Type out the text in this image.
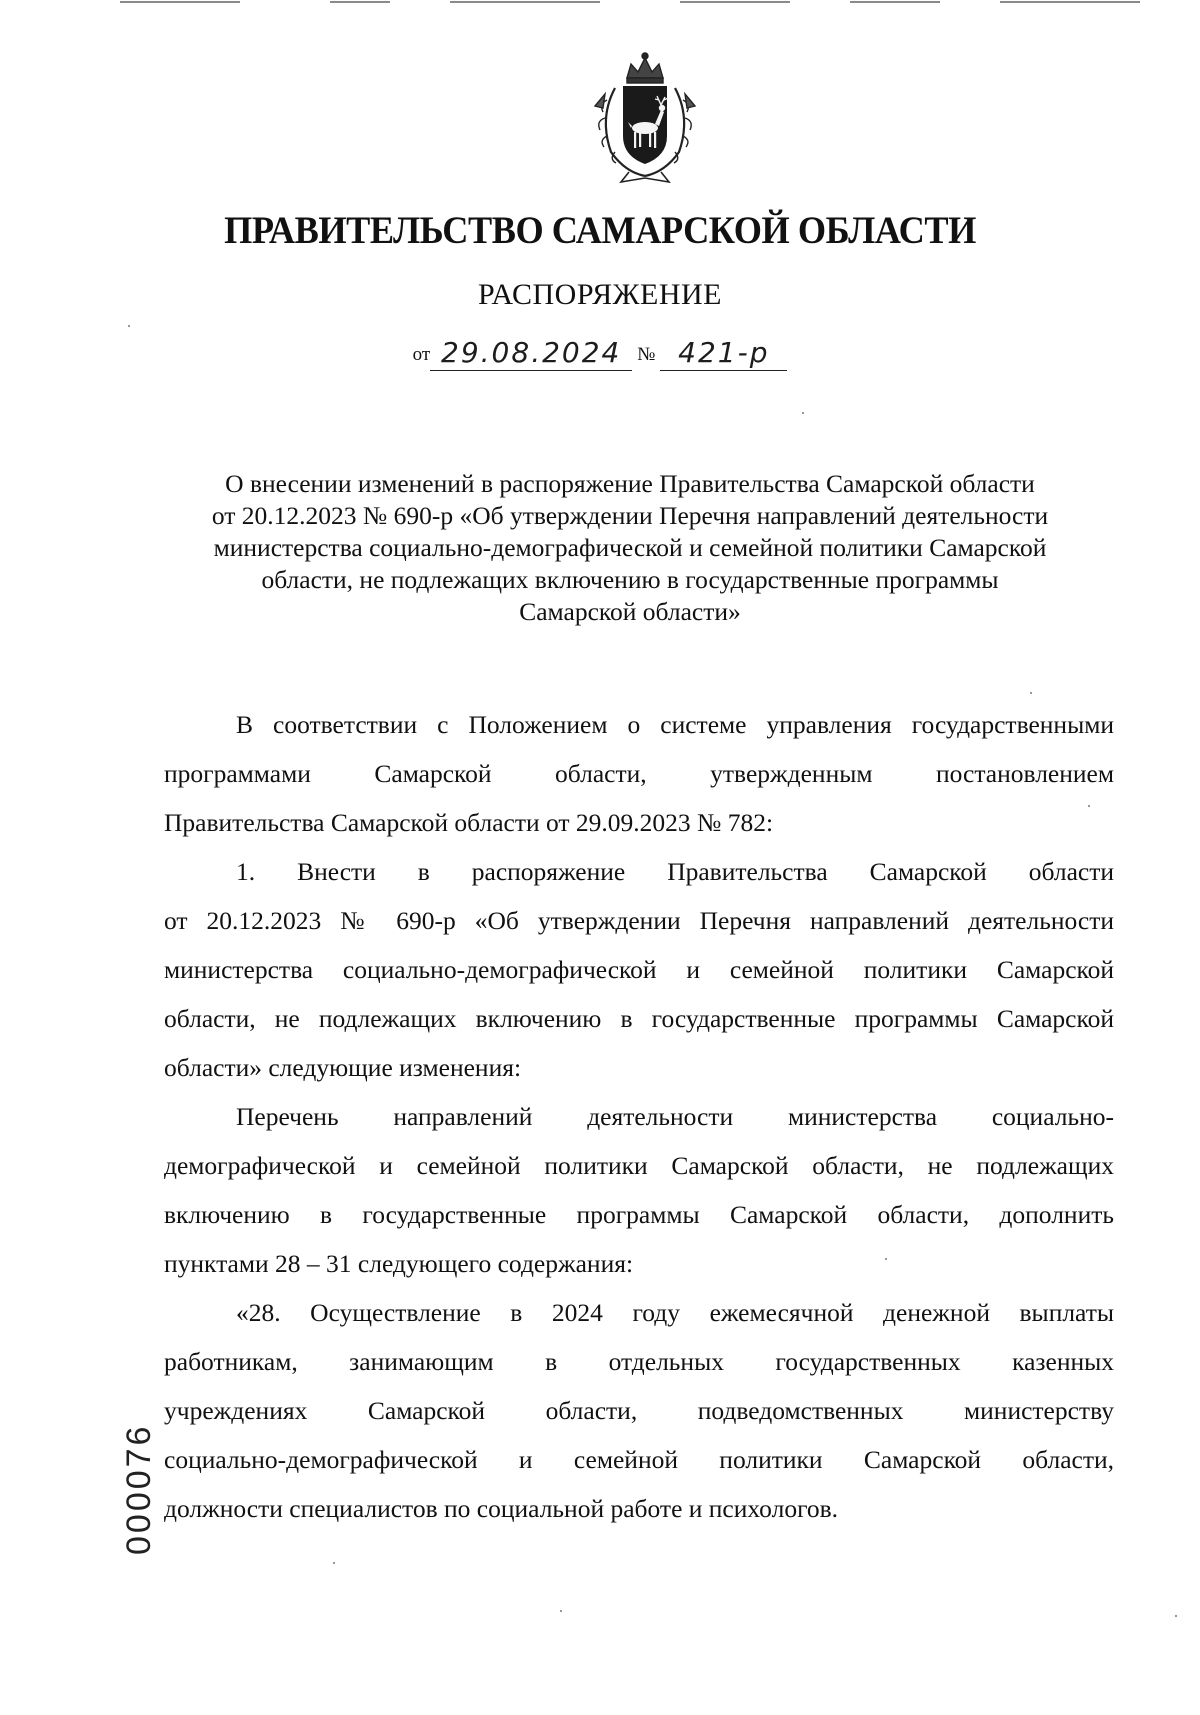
ПРАВИТЕЛЬСТВО САМАРСКОЙ ОБЛАСТИ
РАСПОРЯЖЕНИЕ
от 29.08.2024 № 421-р
О внесении изменений в распоряжение Правительства Самарской области
от 20.12.2023 № 690-р «Об утверждении Перечня направлений деятельности
министерства социально-демографической и семейной политики Самарской
области, не подлежащих включению в государственные программы
Самарской области»
В соответствии с Положением о системе управления государственными
программами Самарской области, утвержденным постановлением
Правительства Самарской области от 29.09.2023 № 782:
1. Внести в распоряжение Правительства Самарской области
от 20.12.2023 № 690-р «Об утверждении Перечня направлений деятельности
министерства социально-демографической и семейной политики Самарской
области, не подлежащих включению в государственные программы Самарской
области» следующие изменения:
Перечень направлений деятельности министерства социально-
демографической и семейной политики Самарской области, не подлежащих
включению в государственные программы Самарской области, дополнить
пунктами 28 – 31 следующего содержания:
«28. Осуществление в 2024 году ежемесячной денежной выплаты
работникам, занимающим в отдельных государственных казенных
учреждениях Самарской области, подведомственных министерству
социально-демографической и семейной политики Самарской области,
должности специалистов по социальной работе и психологов.
000076
